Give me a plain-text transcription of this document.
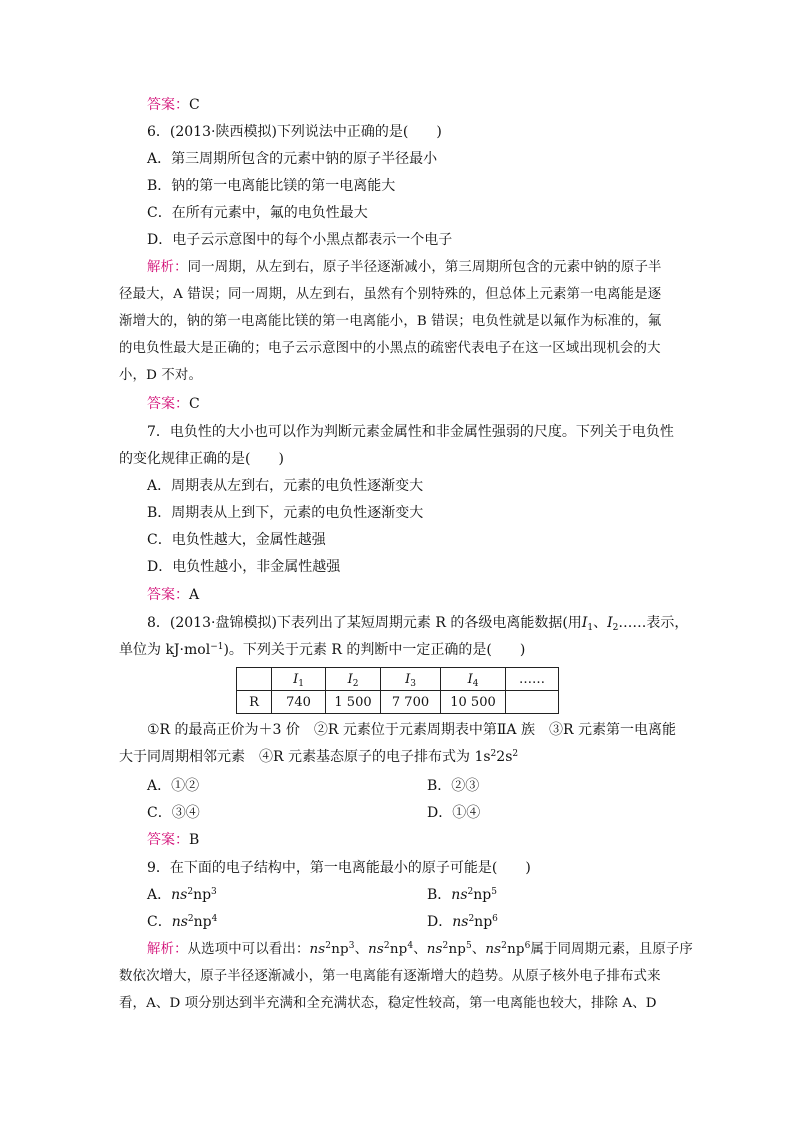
答案：C
6．(2013·陕西模拟)下列说法中正确的是(　　)
A．第三周期所包含的元素中钠的原子半径最小
B．钠的第一电离能比镁的第一电离能大
C．在所有元素中，氟的电负性最大
D．电子云示意图中的每个小黑点都表示一个电子
解析：同一周期，从左到右，原子半径逐渐减小，第三周期所包含的元素中钠的原子半
径最大，A 错误；同一周期，从左到右，虽然有个别特殊的，但总体上元素第一电离能是逐
渐增大的，钠的第一电离能比镁的第一电离能小，B 错误；电负性就是以氟作为标准的，氟
的电负性最大是正确的；电子云示意图中的小黑点的疏密代表电子在这一区域出现机会的大
小，D 不对。
答案：C
7．电负性的大小也可以作为判断元素金属性和非金属性强弱的尺度。下列关于电负性
的变化规律正确的是(　　)
A．周期表从左到右，元素的电负性逐渐变大
B．周期表从上到下，元素的电负性逐渐变大
C．电负性越大，金属性越强
D．电负性越小，非金属性越强
答案：A
8．(2013·盘锦模拟)下表列出了某短周期元素 R 的各级电离能数据(用$I_1$、$I_2\dots\dots$表示，
单位为 kJ·mol$^{-1}$)。下列关于元素 R 的判断中一定正确的是(　　)
	$I_1$	$I_2$	$I_3$	$I_4$	……
R	740	1 500	7 700	10 500	
①R 的最高正价为＋3 价　②R 元素位于元素周期表中第ⅡA 族　③R 元素第一电离能
大于同周期相邻元素　④R 元素基态原子的电子排布式为 $1s^22s^2$
A．①②	B．②③
C．③④	D．①④
答案：B
9．在下面的电子结构中，第一电离能最小的原子可能是(　　)
A．$ns^2np^3$	B．$ns^2np^5$
C．$ns^2np^4$	D．$ns^2np^6$
解析：从选项中可以看出：$ns^2np^3$、$ns^2np^4$、$ns^2np^5$、$ns^2np^6$属于同周期元素，且原子序
数依次增大，原子半径逐渐减小，第一电离能有逐渐增大的趋势。从原子核外电子排布式来
看，A、D 项分别达到半充满和全充满状态，稳定性较高，第一电离能也较大，排除 A、D
